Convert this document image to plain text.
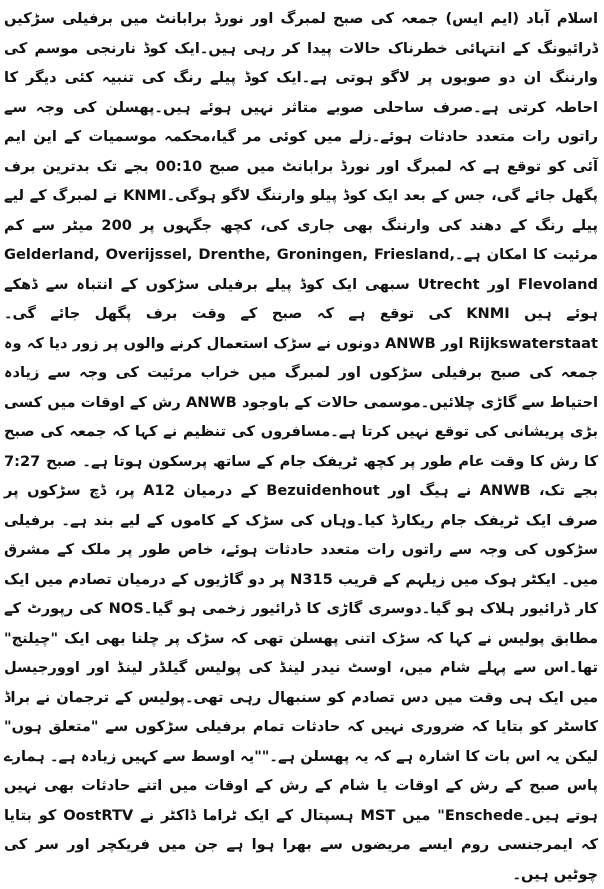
اسلام آباد (ایم ایس) جمعہ کی صبح لمبرگ اور نورڈ برابانٹ میں برفیلی سڑکیں ڈرائیونگ کے انتہائی خطرناک حالات پیدا کر رہی ہیں۔ایک کوڈ نارنجی موسم کی وارننگ ان دو صوبوں پر لاگو ہوتی ہے۔ایک کوڈ پیلے رنگ کی تنبیہ کئی دیگر کا احاطہ کرتی ہے۔صرف ساحلی صوبے متاثر نہیں ہوئے ہیں۔پھسلن کی وجہ سے راتوں رات متعدد حادثات ہوئے۔زلے میں کوئی مر گیا،محکمہ موسمیات کے این ایم آئی کو توقع ہے کہ لمبرگ اور نورڈ برابانٹ میں صبح 00:10 بجے تک بدترین برف پگھل جائے گی، جس کے بعد ایک کوڈ پیلو وارننگ لاگو ہوگی۔KNMI نے لمبرگ کے لیے پیلے رنگ کے دھند کی وارننگ بھی جاری کی، کچھ جگہوں پر 200 میٹر سے کم مرئیت کا امکان ہے۔Gelderland, Overijssel, Drenthe, Groningen, Friesland, Flevoland اور Utrecht سبھی ایک کوڈ پیلے برفیلی سڑکوں کے انتباہ سے ڈھکے ہوئے ہیں KNMI کی توقع ہے کہ صبح کے وقت برف پگھل جائے گی۔Rijkswaterstaat اور ANWB دونوں نے سڑک استعمال کرنے والوں پر زور دیا کہ وہ جمعہ کی صبح برفیلی سڑکوں اور لمبرگ میں خراب مرئیت کی وجہ سے زیادہ احتیاط سے گاڑی چلائیں۔موسمی حالات کے باوجود ANWB رش کے اوقات میں کسی بڑی پریشانی کی توقع نہیں کرتا ہے۔مسافروں کی تنظیم نے کہا کہ جمعہ کی صبح کا رش کا وقت عام طور پر کچھ ٹریفک جام کے ساتھ پرسکون ہوتا ہے۔ صبح 7:27 بجے تک، ANWB نے ہیگ اور Bezuidenhout کے درمیان A12 پر، ڈچ سڑکوں پر صرف ایک ٹریفک جام ریکارڈ کیا۔وہاں کی سڑک کے کاموں کے لیے بند ہے۔ برفیلی سڑکوں کی وجہ سے راتوں رات متعدد حادثات ہوئے، خاص طور پر ملک کے مشرق میں۔ ایکٹر ہوک میں زیلہم کے قریب N315 پر دو گاڑیوں کے درمیان تصادم میں ایک کار ڈرائیور ہلاک ہو گیا۔دوسری گاڑی کا ڈرائیور زخمی ہو گیا۔NOS کی رپورٹ کے مطابق پولیس نے کہا کہ سڑک اتنی پھسلن تھی کہ سڑک پر چلنا بھی ایک "چیلنج" تھا۔اس سے پہلے شام میں، اوسٹ نیدر لینڈ کی پولیس گیلڈر لینڈ اور اوورجیسل میں ایک ہی وقت میں دس تصادم کو سنبھال رہی تھی۔پولیس کے ترجمان نے براڈ کاسٹر کو بتایا کہ ضروری نہیں کہ حادثات تمام برفیلی سڑکوں سے "متعلق ہوں" لیکن یہ اس بات کا اشارہ ہے کہ یہ پھسلن ہے۔""یہ اوسط سے کہیں زیادہ ہے۔ ہمارے پاس صبح کے رش کے اوقات یا شام کے رش کے اوقات میں اتنے حادثات بھی نہیں ہوتے ہیں۔Enschede" میں MST ہسپتال کے ایک ٹراما ڈاکٹر نے OostRTV کو بتایا کہ ایمرجنسی روم ایسے مریضوں سے بھرا ہوا ہے جن میں فریکچر اور سر کی چوٹیں ہیں۔
